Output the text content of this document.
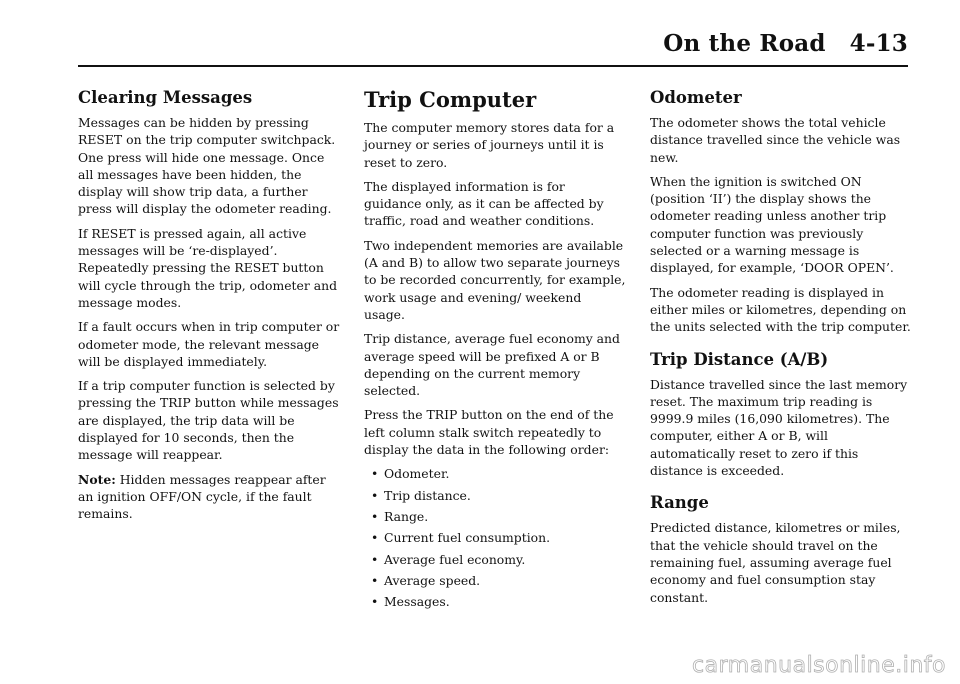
On the Road 4-13
Clearing Messages

Messages can be hidden by pressing RESET on the trip computer switchpack. One press will hide one message. Once all messages have been hidden, the display will show trip data, a further press will display the odometer reading.

If RESET is pressed again, all active messages will be ‘re-displayed’. Repeatedly pressing the RESET button will cycle through the trip, odometer and message modes.

If a fault occurs when in trip computer or odometer mode, the relevant message will be displayed immediately.

If a trip computer function is selected by pressing the TRIP button while messages are displayed, the trip data will be displayed for 10 seconds, then the message will reappear.

Note: Hidden messages reappear after an ignition OFF/ON cycle, if the fault remains.

Trip Computer

The computer memory stores data for a journey or series of journeys until it is reset to zero.

The displayed information is for guidance only, as it can be affected by traffic, road and weather conditions.

Two independent memories are available (A and B) to allow two separate journeys to be recorded concurrently, for example, work usage and evening/ weekend usage.

Trip distance, average fuel economy and average speed will be prefixed A or B depending on the current memory selected.

Press the TRIP button on the end of the left column stalk switch repeatedly to display the data in the following order:

• Odometer.
• Trip distance.
• Range.
• Current fuel consumption.
• Average fuel economy.
• Average speed.
• Messages.
Odometer

The odometer shows the total vehicle distance travelled since the vehicle was new.

When the ignition is switched ON (position ‘II’) the display shows the odometer reading unless another trip computer function was previously selected or a warning message is displayed, for example, ‘DOOR OPEN’.

The odometer reading is displayed in either miles or kilometres, depending on the units selected with the trip computer.

Trip Distance (A/B)

Distance travelled since the last memory reset. The maximum trip reading is 9999.9 miles (16,090 kilometres). The computer, either A or B, will automatically reset to zero if this distance is exceeded.

Range

Predicted distance, kilometres or miles, that the vehicle should travel on the remaining fuel, assuming average fuel economy and fuel consumption stay constant.

carmanualsonline.info
